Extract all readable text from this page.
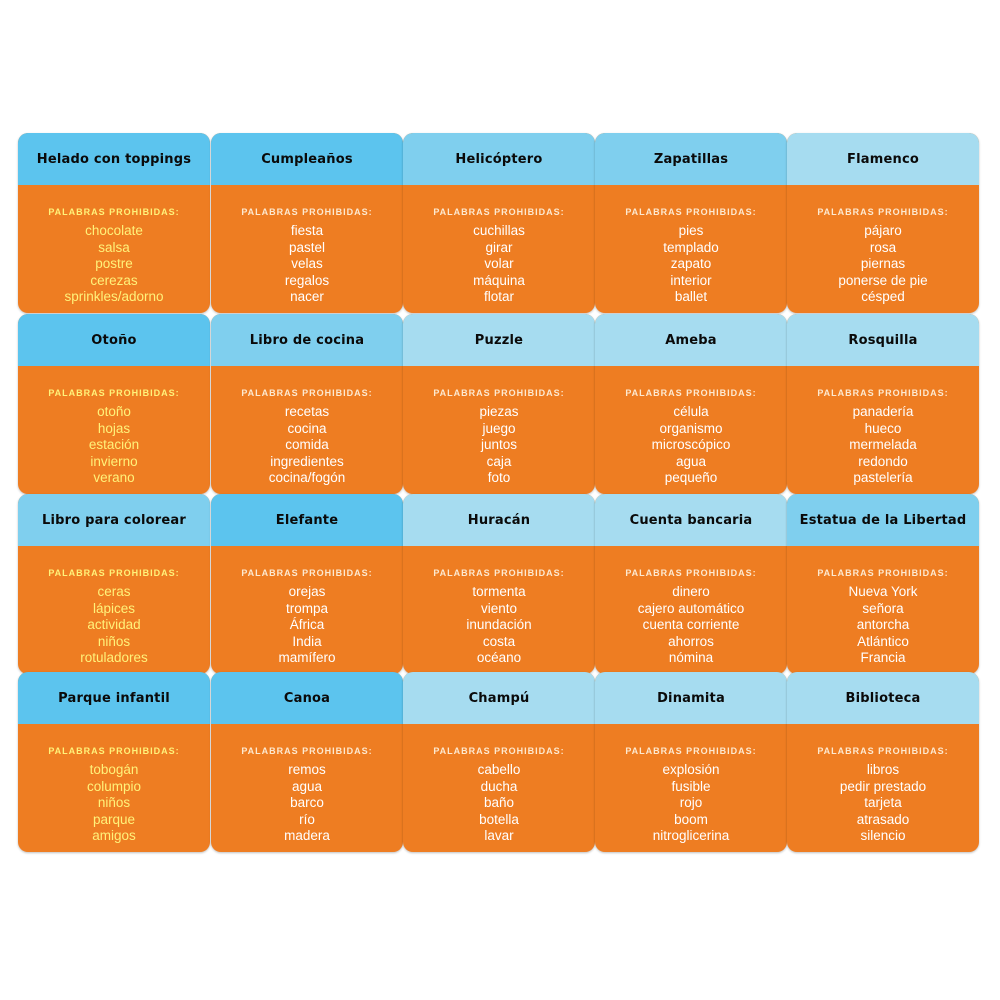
Helado con toppings
PALABRAS PROHIBIDAS:
chocolate
salsa
postre
cerezas
sprinkles/adorno
Cumpleaños
PALABRAS PROHIBIDAS:
fiesta
pastel
velas
regalos
nacer
Helicóptero
PALABRAS PROHIBIDAS:
cuchillas
girar
volar
máquina
flotar
Zapatillas
PALABRAS PROHIBIDAS:
pies
templado
zapato
interior
ballet
Flamenco
PALABRAS PROHIBIDAS:
pájaro
rosa
piernas
ponerse de pie
césped
Otoño
PALABRAS PROHIBIDAS:
otoño
hojas
estación
invierno
verano
Libro de cocina
PALABRAS PROHIBIDAS:
recetas
cocina
comida
ingredientes
cocina/fogón
Puzzle
PALABRAS PROHIBIDAS:
piezas
juego
juntos
caja
foto
Ameba
PALABRAS PROHIBIDAS:
célula
organismo
microscópico
agua
pequeño
Rosquilla
PALABRAS PROHIBIDAS:
panadería
hueco
mermelada
redondo
pastelería
Libro para colorear
PALABRAS PROHIBIDAS:
ceras
lápices
actividad
niños
rotuladores
Elefante
PALABRAS PROHIBIDAS:
orejas
trompa
África
India
mamífero
Huracán
PALABRAS PROHIBIDAS:
tormenta
viento
inundación
costa
océano
Cuenta bancaria
PALABRAS PROHIBIDAS:
dinero
cajero automático
cuenta corriente
ahorros
nómina
Estatua de la Libertad
PALABRAS PROHIBIDAS:
Nueva York
señora
antorcha
Atlántico
Francia
Parque infantil
PALABRAS PROHIBIDAS:
tobogán
columpio
niños
parque
amigos
Canoa
PALABRAS PROHIBIDAS:
remos
agua
barco
río
madera
Champú
PALABRAS PROHIBIDAS:
cabello
ducha
baño
botella
lavar
Dinamita
PALABRAS PROHIBIDAS:
explosión
fusible
rojo
boom
nitroglicerina
Biblioteca
PALABRAS PROHIBIDAS:
libros
pedir prestado
tarjeta
atrasado
silencio
